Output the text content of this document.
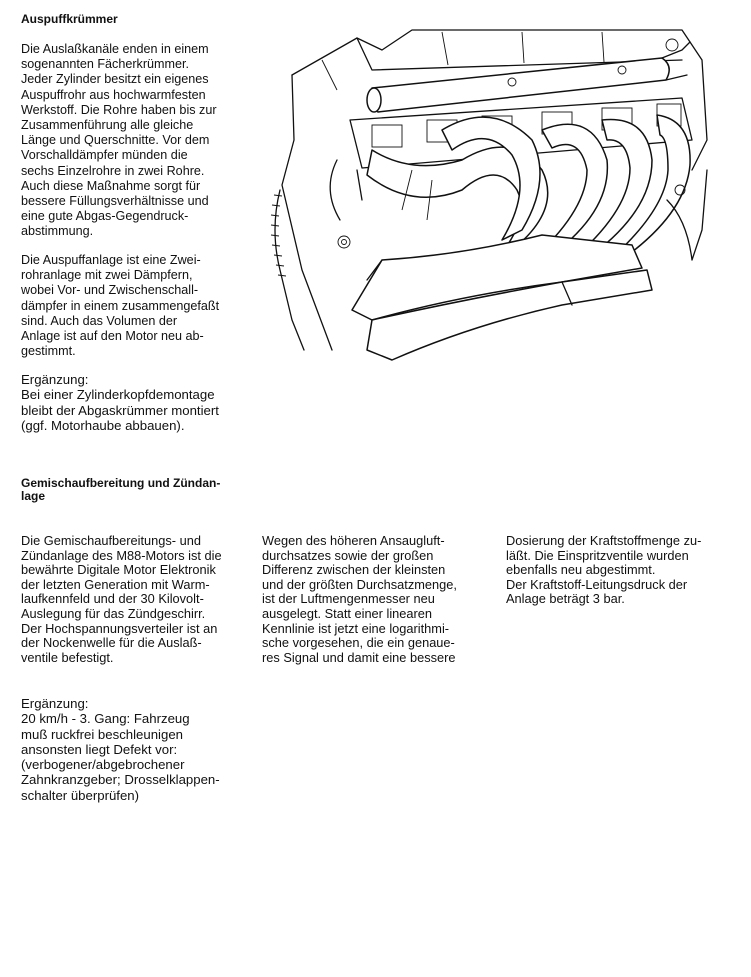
Auspuffkrümmer
Die Auslaßkanäle enden in einem
sogenannten Fächerkrümmer.
Jeder Zylinder besitzt ein eigenes
Auspuffrohr aus hochwarmfesten
Werkstoff. Die Rohre haben bis zur
Zusammenführung alle gleiche
Länge und Querschnitte. Vor dem
Vorschalldämpfer münden die
sechs Einzelrohre in zwei Rohre.
Auch diese Maßnahme sorgt für
bessere Füllungsverhältnisse und
eine gute Abgas-Gegendruck-
abstimmung.
Die Auspuffanlage ist eine Zwei-
rohranlage mit zwei Dämpfern,
wobei Vor- und Zwischenschall-
dämpfer in einem zusammengefaßt
sind. Auch das Volumen der
Anlage ist auf den Motor neu ab-
gestimmt.
Ergänzung:
Bei einer Zylinderkopfdemontage
bleibt der Abgaskrümmer montiert
(ggf. Motorhaube abbauen).
Gemischaufbereitung und Zündan-
lage
Die Gemischaufbereitungs- und
Zündanlage des M88-Motors ist die
bewährte Digitale Motor Elektronik
der letzten Generation mit Warm-
laufkennfeld und der 30 Kilovolt-
Auslegung für das Zündgeschirr.
Der Hochspannungsverteiler ist an
der Nockenwelle für die Auslaß-
ventile befestigt.
Wegen des höheren Ansaugluft-
durchsatzes sowie der großen
Differenz zwischen der kleinsten
und der größten Durchsatzmenge,
ist der Luftmengenmesser neu
ausgelegt. Statt einer linearen
Kennlinie ist jetzt eine logarithmi-
sche vorgesehen, die ein genaue-
res Signal und damit eine bessere
Dosierung der Kraftstoffmenge zu-
läßt. Die Einspritzventile wurden
ebenfalls neu abgestimmt.
Der Kraftstoff-Leitungsdruck der
Anlage beträgt 3 bar.
Ergänzung:
20 km/h - 3. Gang: Fahrzeug
muß ruckfrei beschleunigen
ansonsten liegt Defekt vor:
(verbogener/abgebrochener
Zahnkranzgeber; Drosselklappen-
schalter überprüfen)
